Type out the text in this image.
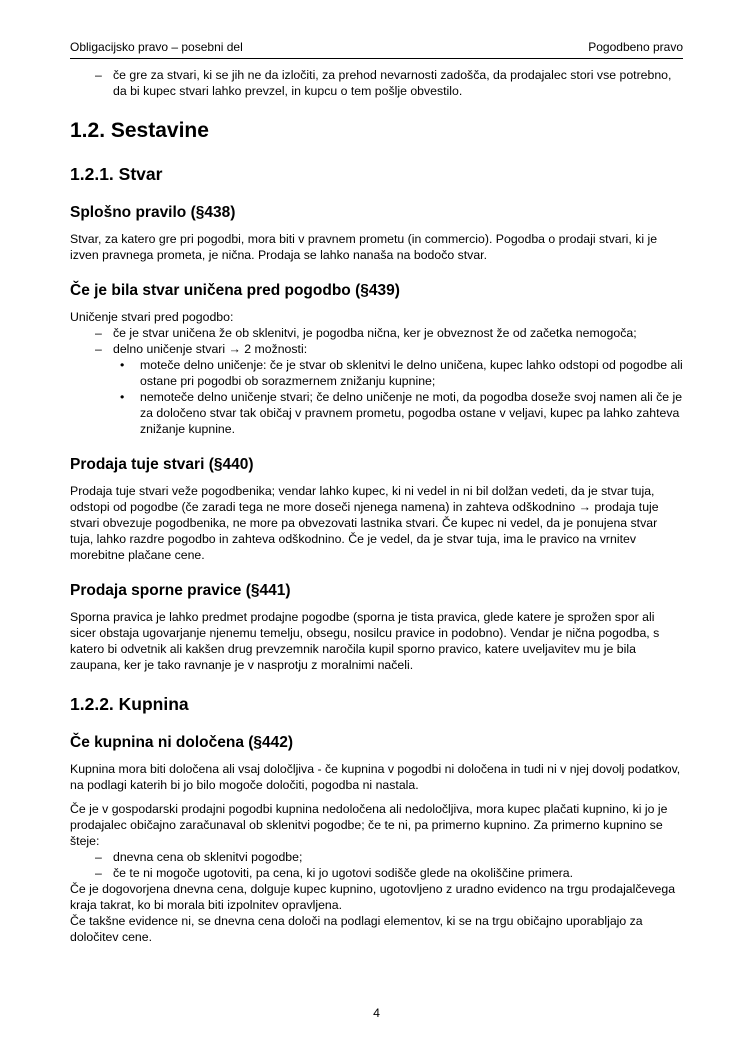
Obligacijsko pravo – posebni del	Pogodbeno pravo
– če gre za stvari, ki se jih ne da izločiti, za prehod nevarnosti zadošča, da prodajalec stori vse potrebno, da bi kupec stvari lahko prevzel, in kupcu o tem pošlje obvestilo.
1.2. Sestavine
1.2.1. Stvar
Splošno pravilo (§438)

Stvar, za katero gre pri pogodbi, mora biti v pravnem prometu (in commercio). Pogodba o prodaji stvari, ki je izven pravnega prometa, je nična. Prodaja se lahko nanaša na bodočo stvar.

Če je bila stvar uničena pred pogodbo (§439)

Uničenje stvari pred pogodbo:

– če je stvar uničena že ob sklenitvi, je pogodba nična, ker je obveznost že od začetka nemogoča;
– delno uničenje stvari → 2 možnosti:
•	moteče delno uničenje: če je stvar ob sklenitvi le delno uničena, kupec lahko odstopi od pogodbe ali ostane pri pogodbi ob sorazmernem znižanju kupnine;
•	nemoteče delno uničenje stvari; če delno uničenje ne moti, da pogodba doseže svoj namen ali če je za določeno stvar tak običaj v pravnem prometu, pogodba ostane v veljavi, kupec pa lahko zahteva znižanje kupnine.
Prodaja tuje stvari (§440)

Prodaja tuje stvari veže pogodbenika; vendar lahko kupec, ki ni vedel in ni bil dolžan vedeti, da je stvar tuja, odstopi od pogodbe (če zaradi tega ne more doseči njenega namena) in zahteva odškodnino → prodaja tuje stvari obvezuje pogodbenika, ne more pa obvezovati lastnika stvari. Če kupec ni vedel, da je ponujena stvar tuja, lahko razdre pogodbo in zahteva odškodnino. Če je vedel, da je stvar tuja, ima le pravico na vrnitev morebitne plačane cene.

Prodaja sporne pravice (§441)

Sporna pravica je lahko predmet prodajne pogodbe (sporna je tista pravica, glede katere je sprožen spor ali sicer obstaja ugovarjanje njenemu temelju, obsegu, nosilcu pravice in podobno). Vendar je nična pogodba, s katero bi odvetnik ali kakšen drug prevzemnik naročila kupil sporno pravico, katere uveljavitev mu je bila zaupana, ker je tako ravnanje je v nasprotju z moralnimi načeli.

1.2.2. Kupnina
Če kupnina ni določena (§442)

Kupnina mora biti določena ali vsaj določljiva - če kupnina v pogodbi ni določena in tudi ni v njej dovolj podatkov, na podlagi katerih bi jo bilo mogoče določiti, pogodba ni nastala.

Če je v gospodarski prodajni pogodbi kupnina nedoločena ali nedoločljiva, mora kupec plačati kupnino, ki jo je prodajalec običajno zaračunaval ob sklenitvi pogodbe; če te ni, pa primerno kupnino. Za primerno kupnino se šteje:

– dnevna cena ob sklenitvi pogodbe;
– če te ni mogoče ugotoviti, pa cena, ki jo ugotovi sodišče glede na okoliščine primera.

Če je dogovorjena dnevna cena, dolguje kupec kupnino, ugotovljeno z uradno evidenco na trgu prodajalčevega kraja takrat, ko bi morala biti izpolnitev opravljena.

Če takšne evidence ni, se dnevna cena določi na podlagi elementov, ki se na trgu običajno uporabljajo za določitev cene.

4
